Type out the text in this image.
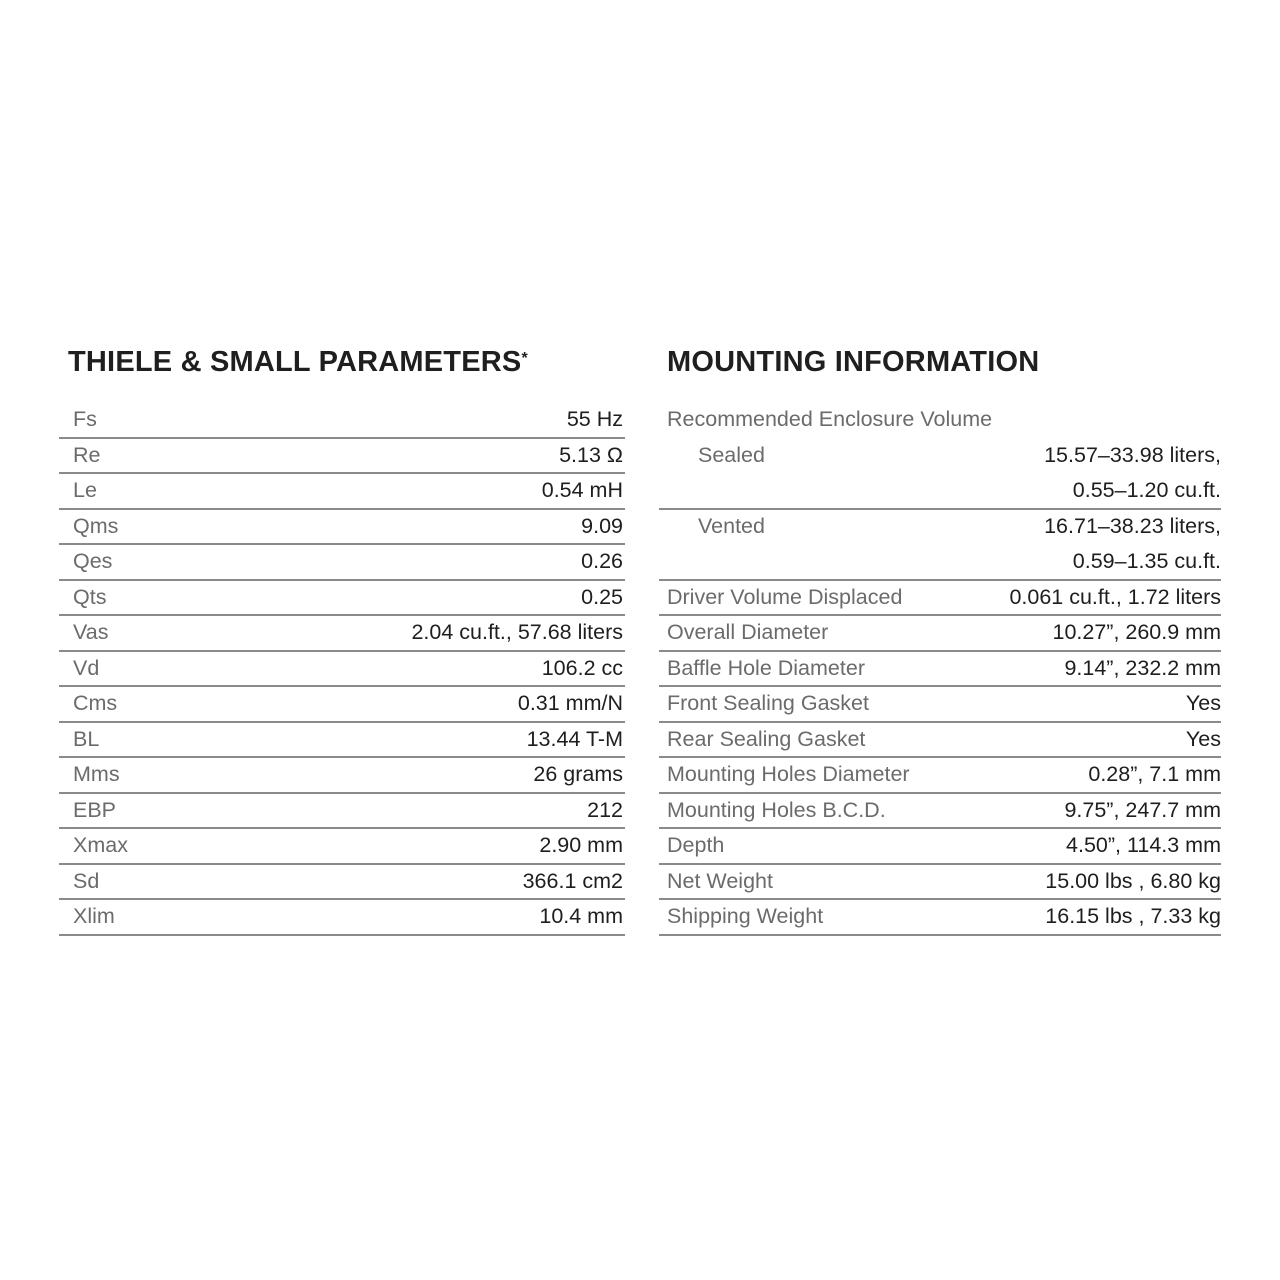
THIELE & SMALL PARAMETERS*
Fs	55 Hz
Re	5.13 Ω
Le	0.54 mH
Qms	9.09
Qes	0.26
Qts	0.25
Vas	2.04 cu.ft., 57.68 liters
Vd	106.2 cc
Cms	0.31 mm/N
BL	13.44 T-M
Mms	26 grams
EBP	212
Xmax	2.90 mm
Sd	366.1 cm2
Xlim	10.4 mm
MOUNTING INFORMATION
Recommended Enclosure Volume
Sealed	15.57–33.98 liters,
0.55–1.20 cu.ft.
Vented	16.71–38.23 liters,
0.59–1.35 cu.ft.
Driver Volume Displaced	0.061 cu.ft., 1.72 liters
Overall Diameter	10.27”, 260.9 mm
Baffle Hole Diameter	9.14”, 232.2 mm
Front Sealing Gasket	Yes
Rear Sealing Gasket	Yes
Mounting Holes Diameter	0.28”, 7.1 mm
Mounting Holes B.C.D.	9.75”, 247.7 mm
Depth	4.50”, 114.3 mm
Net Weight	15.00 lbs , 6.80 kg
Shipping Weight	16.15 lbs , 7.33 kg
